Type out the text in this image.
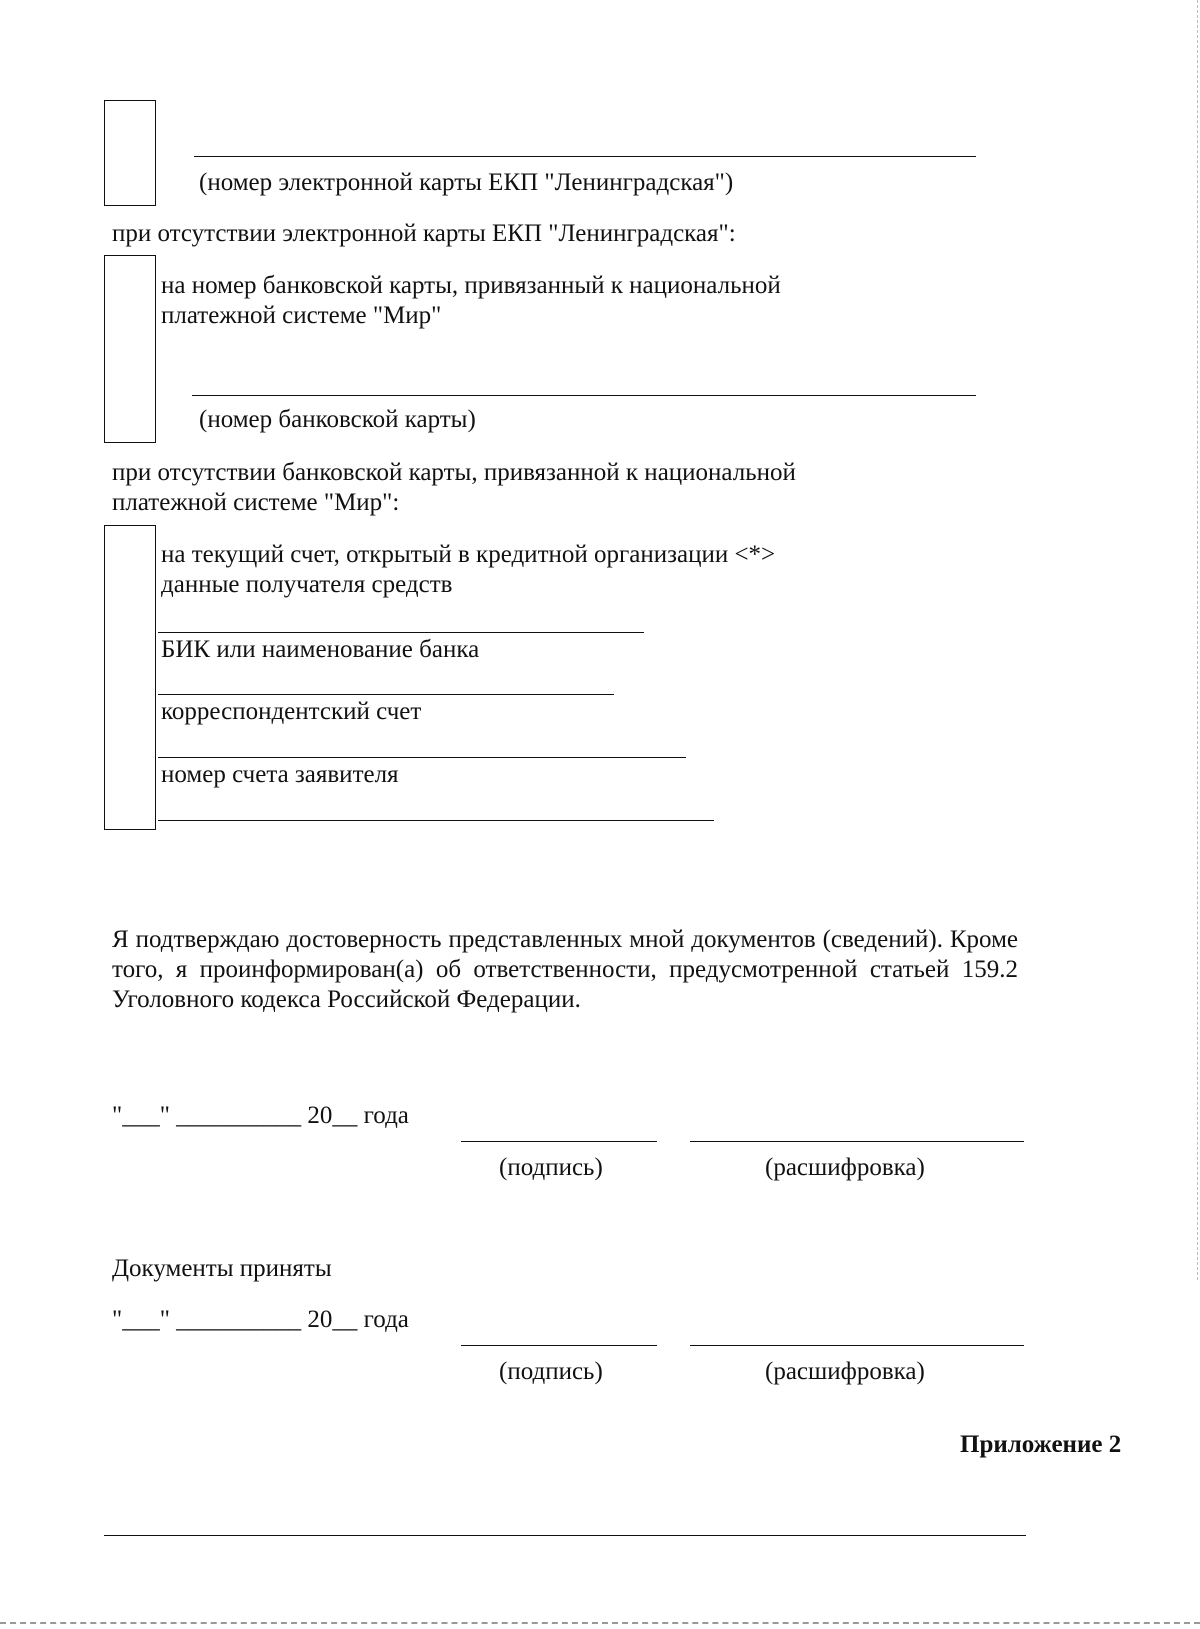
(номер электронной карты ЕКП "Ленинградская")

при отсутствии электронной карты ЕКП "Ленинградская":

на номер банковской карты, привязанный к национальной

платежной системе "Мир"

(номер банковской карты)

при отсутствии банковской карты, привязанной к национальной

платежной системе "Мир":

на текущий счет, открытый в кредитной организации <*>

данные получателя средств

БИК или наименование банка

корреспондентский счет

номер счета заявителя

Я подтверждаю достоверность представленных мной документов (сведений). Кроме того, я проинформирован(а) об ответственности, предусмотренной статьей 159.2 Уголовного кодекса Российской Федерации.

"___" __________ 20__ года

(подпись)	(расшифровка)

Документы приняты

"___" __________ 20__ года

(подпись)	(расшифровка)

Приложение 2
